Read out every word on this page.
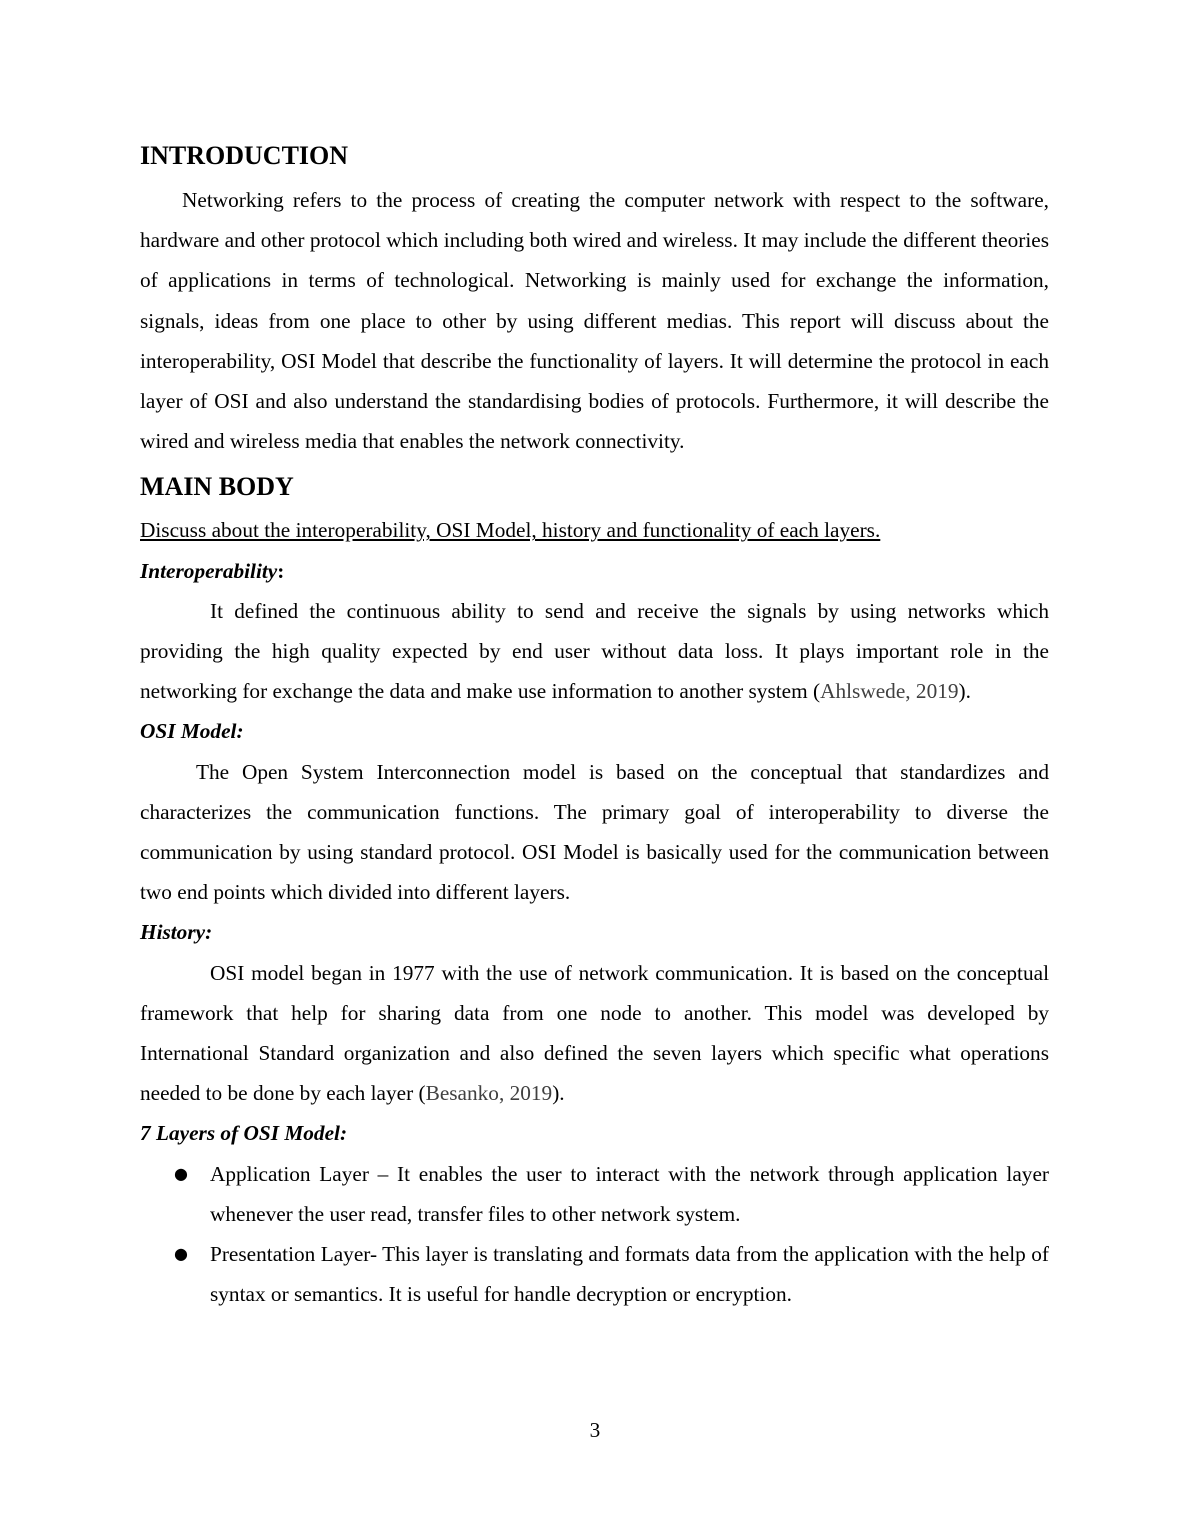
INTRODUCTION

Networking refers to the process of creating the computer network with respect to the software, hardware and other protocol which including both wired and wireless. It may include the different theories of applications in terms of technological. Networking is mainly used for exchange the information, signals, ideas from one place to other by using different medias. This report will discuss about the interoperability, OSI Model that describe the functionality of layers. It will determine the protocol in each layer of OSI and also understand the standardising bodies of protocols. Furthermore, it will describe the wired and wireless media that enables the network connectivity.

MAIN BODY
Discuss about the interoperability, OSI Model, history and functionality of each layers.
Interoperability:

It defined the continuous ability to send and receive the signals by using networks which providing the high quality expected by end user without data loss. It plays important role in the networking for exchange the data and make use information to another system (Ahlswede, 2019).

OSI Model:

The Open System Interconnection model is based on the conceptual that standardizes and characterizes the communication functions. The primary goal of interoperability to diverse the communication by using standard protocol. OSI Model is basically used for the communication between two end points which divided into different layers.

History:

OSI model began in 1977 with the use of network communication. It is based on the conceptual framework that help for sharing data from one node to another. This model was developed by International Standard organization and also defined the seven layers which specific what operations needed to be done by each layer (Besanko, 2019).

7 Layers of OSI Model:
● Application Layer – It enables the user to interact with the network through application layer whenever the user read, transfer files to other network system.
● Presentation Layer- This layer is translating and formats data from the application with the help of syntax or semantics. It is useful for handle decryption or encryption.
3
